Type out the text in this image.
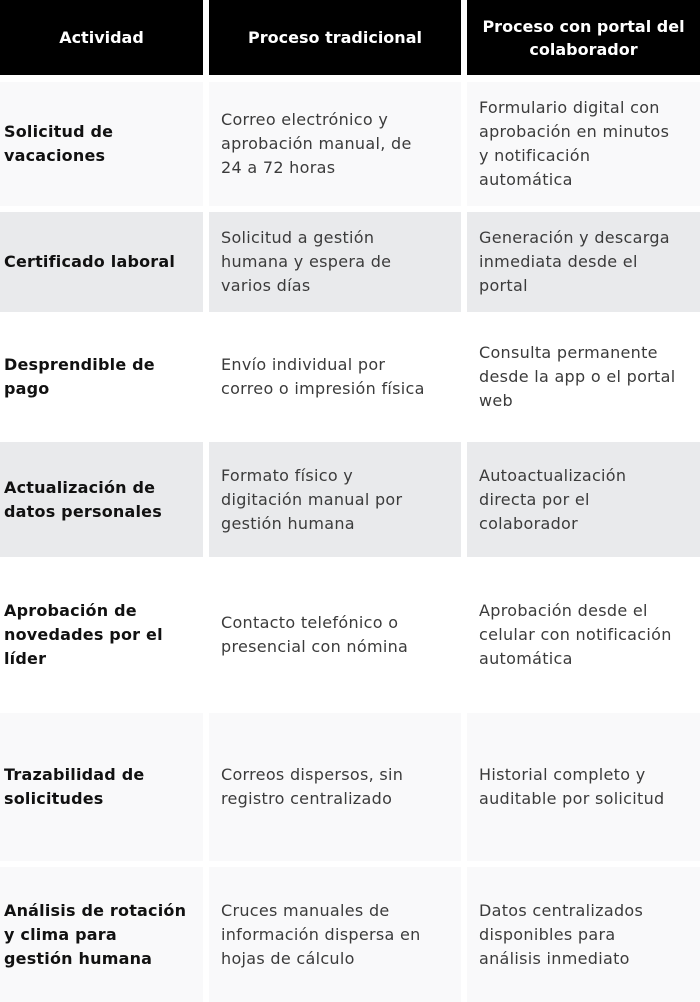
Actividad	Proceso tradicional
Proceso con portal del
colaborador
Solicitud de
vacaciones
Correo electrónico y
aprobación manual, de
24 a 72 horas
Formulario digital con
aprobación en minutos
y notificación
automática
Certificado laboral
Solicitud a gestión
humana y espera de
varios días
Generación y descarga
inmediata desde el
portal
Desprendible de
pago
Envío individual por
correo o impresión física
Consulta permanente
desde la app o el portal
web
Actualización de
datos personales
Formato físico y
digitación manual por
gestión humana
Autoactualización
directa por el
colaborador
Aprobación de
novedades por el
líder
Contacto telefónico o
presencial con nómina
Aprobación desde el
celular con notificación
automática
Trazabilidad de
solicitudes
Correos dispersos, sin
registro centralizado
Historial completo y
auditable por solicitud
Análisis de rotación
y clima para
gestión humana
Cruces manuales de
información dispersa en
hojas de cálculo
Datos centralizados
disponibles para
análisis inmediato
